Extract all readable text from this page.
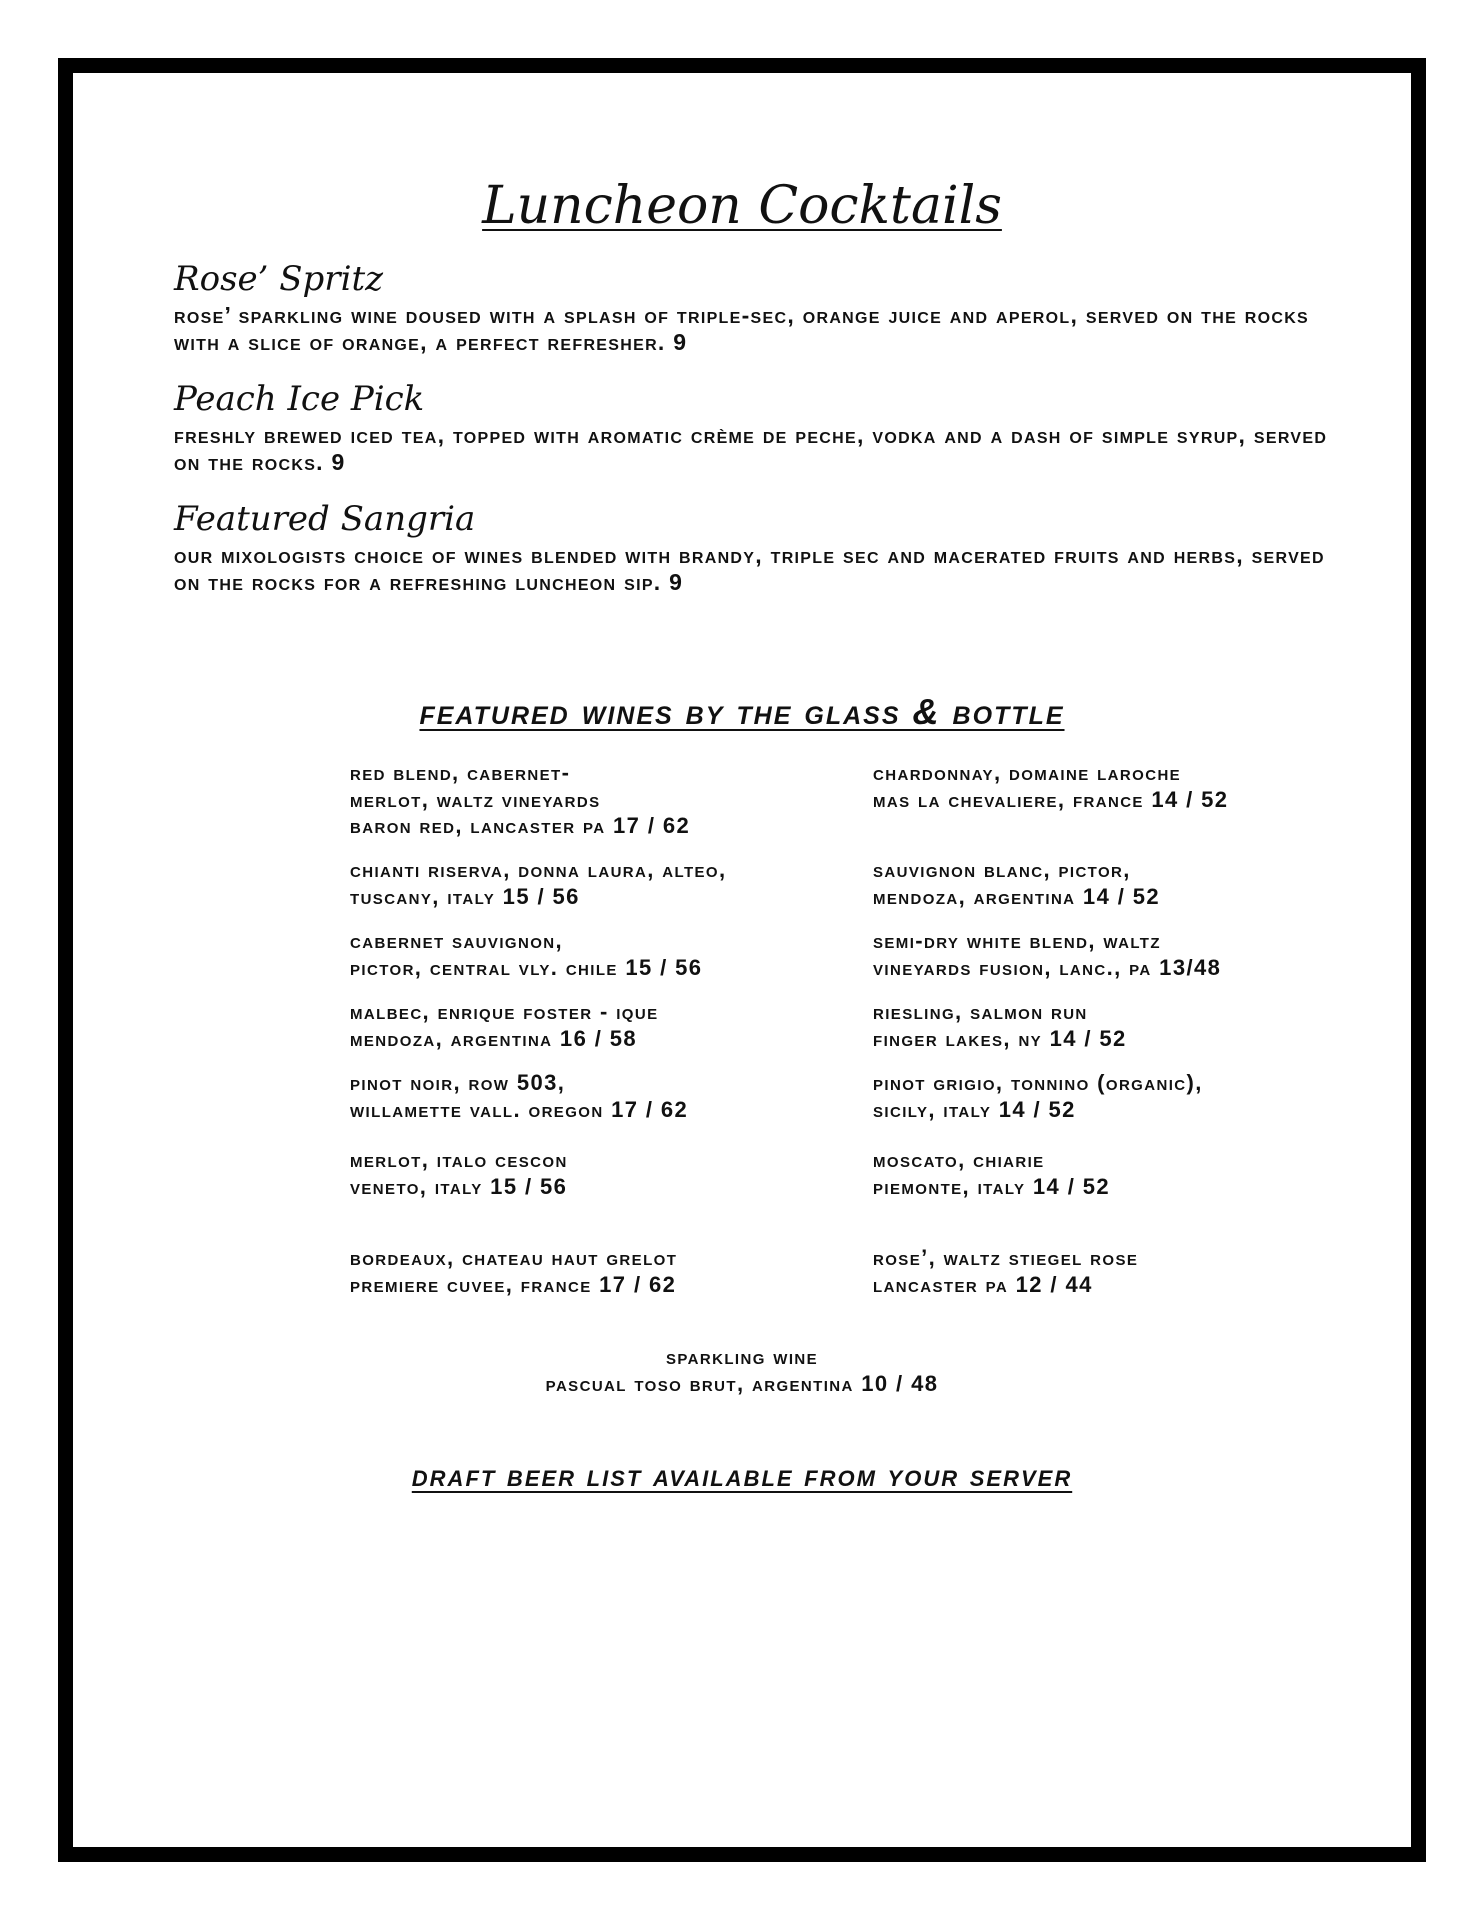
Luncheon Cocktails
Rose’ Spritz
rose’ sparkling wine doused with a splash of triple-sec, orange juice and aperol, served on the rocks with a slice of orange, a perfect refresher. 9
Peach Ice Pick
freshly brewed iced tea, topped with aromatic crème de peche, vodka and a dash of simple syrup, served on the rocks. 9
Featured Sangria
our mixologists choice of wines blended with brandy, triple sec and macerated fruits and herbs, served on the rocks for a refreshing luncheon sip. 9
featured wines by the glass & bottle
red blend, cabernet-
merlot, waltz vineyards
baron red, lancaster pa 17 / 62
chianti riserva, donna laura, alteo,
tuscany, italy 15 / 56
cabernet sauvignon,
pictor, central vly. chile 15 / 56
malbec, enrique foster - ique
mendoza, argentina 16 / 58
pinot noir, row 503,
willamette vall. oregon 17 / 62
merlot, italo cescon
veneto, italy 15 / 56
bordeaux, chateau haut grelot
premiere cuvee, france 17 / 62
chardonnay, domaine laroche
mas la chevaliere, france 14 / 52
sauvignon blanc, pictor,
mendoza, argentina 14 / 52
semi-dry white blend, waltz
vineyards fusion, lanc., pa 13/48
riesling, salmon run
finger lakes, ny 14 / 52
pinot grigio, tonnino (organic),
sicily, italy 14 / 52
moscato, chiarie
piemonte, italy 14 / 52
rose’, waltz stiegel rose
lancaster pa 12 / 44
sparkling wine
pascual toso brut, argentina 10 / 48
draft beer list available from your server
